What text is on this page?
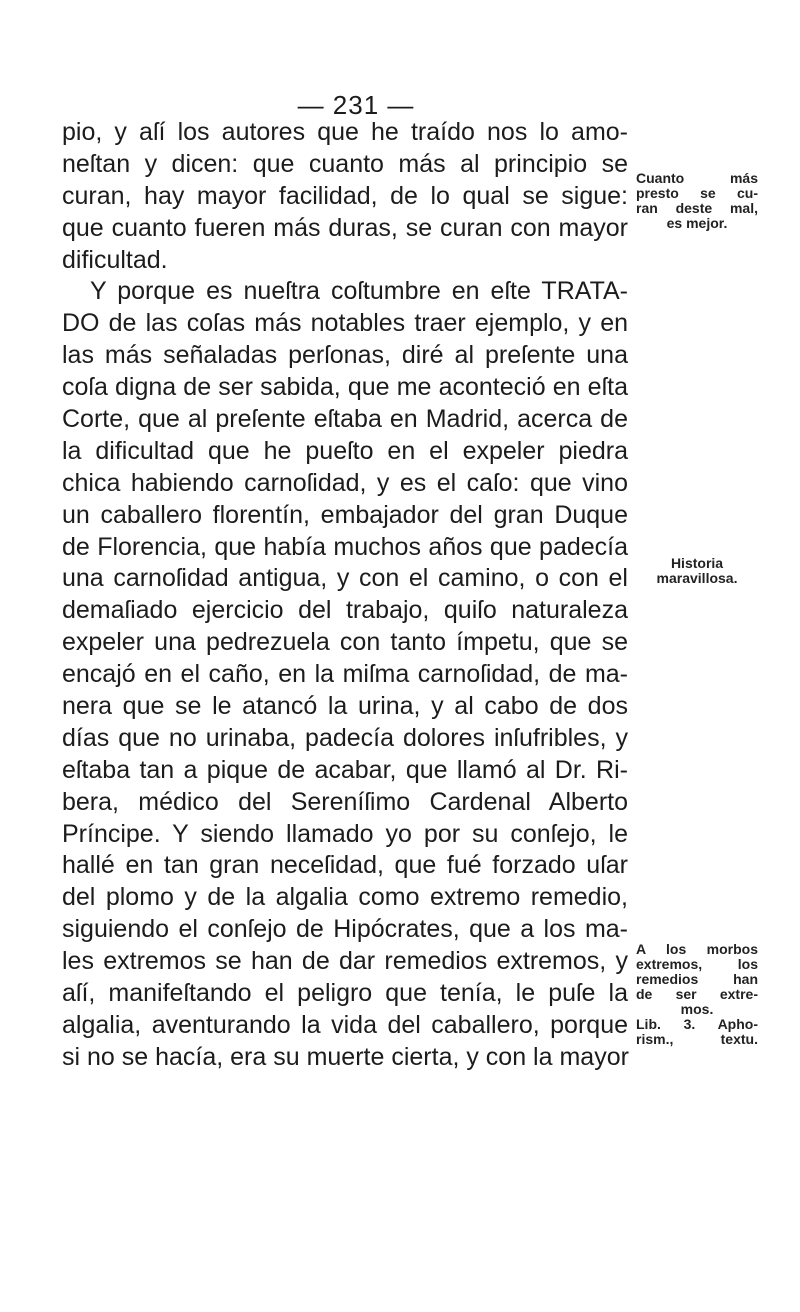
— 231 —
pio, y aſí los autores que he traído nos lo amo-
neſtan y dicen: que cuanto más al principio se
curan, hay mayor facilidad, de lo qual se sigue:
que cuanto fueren más duras, se curan con mayor
dificultad.
Y porque es nueſtra coſtumbre en eſte TRATA-
DO de las coſas más notables traer ejemplo, y en
las más señaladas perſonas, diré al preſente una
coſa digna de ser sabida, que me aconteció en eſta
Corte, que al preſente eſtaba en Madrid, acerca de
la dificultad que he pueſto en el expeler piedra
chica habiendo carnoſidad, y es el caſo: que vino
un caballero florentín, embajador del gran Duque
de Florencia, que había muchos años que padecía
una carnoſidad antigua, y con el camino, o con el
demaſiado ejercicio del trabajo, quiſo naturaleza
expeler una pedrezuela con tanto ímpetu, que se
encajó en el caño, en la miſma carnoſidad, de ma-
nera que se le atancó la urina, y al cabo de dos
días que no urinaba, padecía dolores inſufribles, y
eſtaba tan a pique de acabar, que llamó al Dr. Ri-
bera, médico del Sereníſimo Cardenal Alberto
Príncipe. Y siendo llamado yo por su conſejo, le
hallé en tan gran neceſidad, que fué forzado uſar
del plomo y de la algalia como extremo remedio,
siguiendo el conſejo de Hipócrates, que a los ma-
les extremos se han de dar remedios extremos, y
aſí, manifeſtando el peligro que tenía, le puſe la
algalia, aventurando la vida del caballero, porque
si no se hacía, era su muerte cierta, y con la mayor
Cuanto más
presto se cu-
ran deste mal,
es mejor.
Historia
maravillosa.
A los morbos
extremos, los
remedios han
de ser extre-
mos.
Lib. 3. Apho-
rism., textu.
